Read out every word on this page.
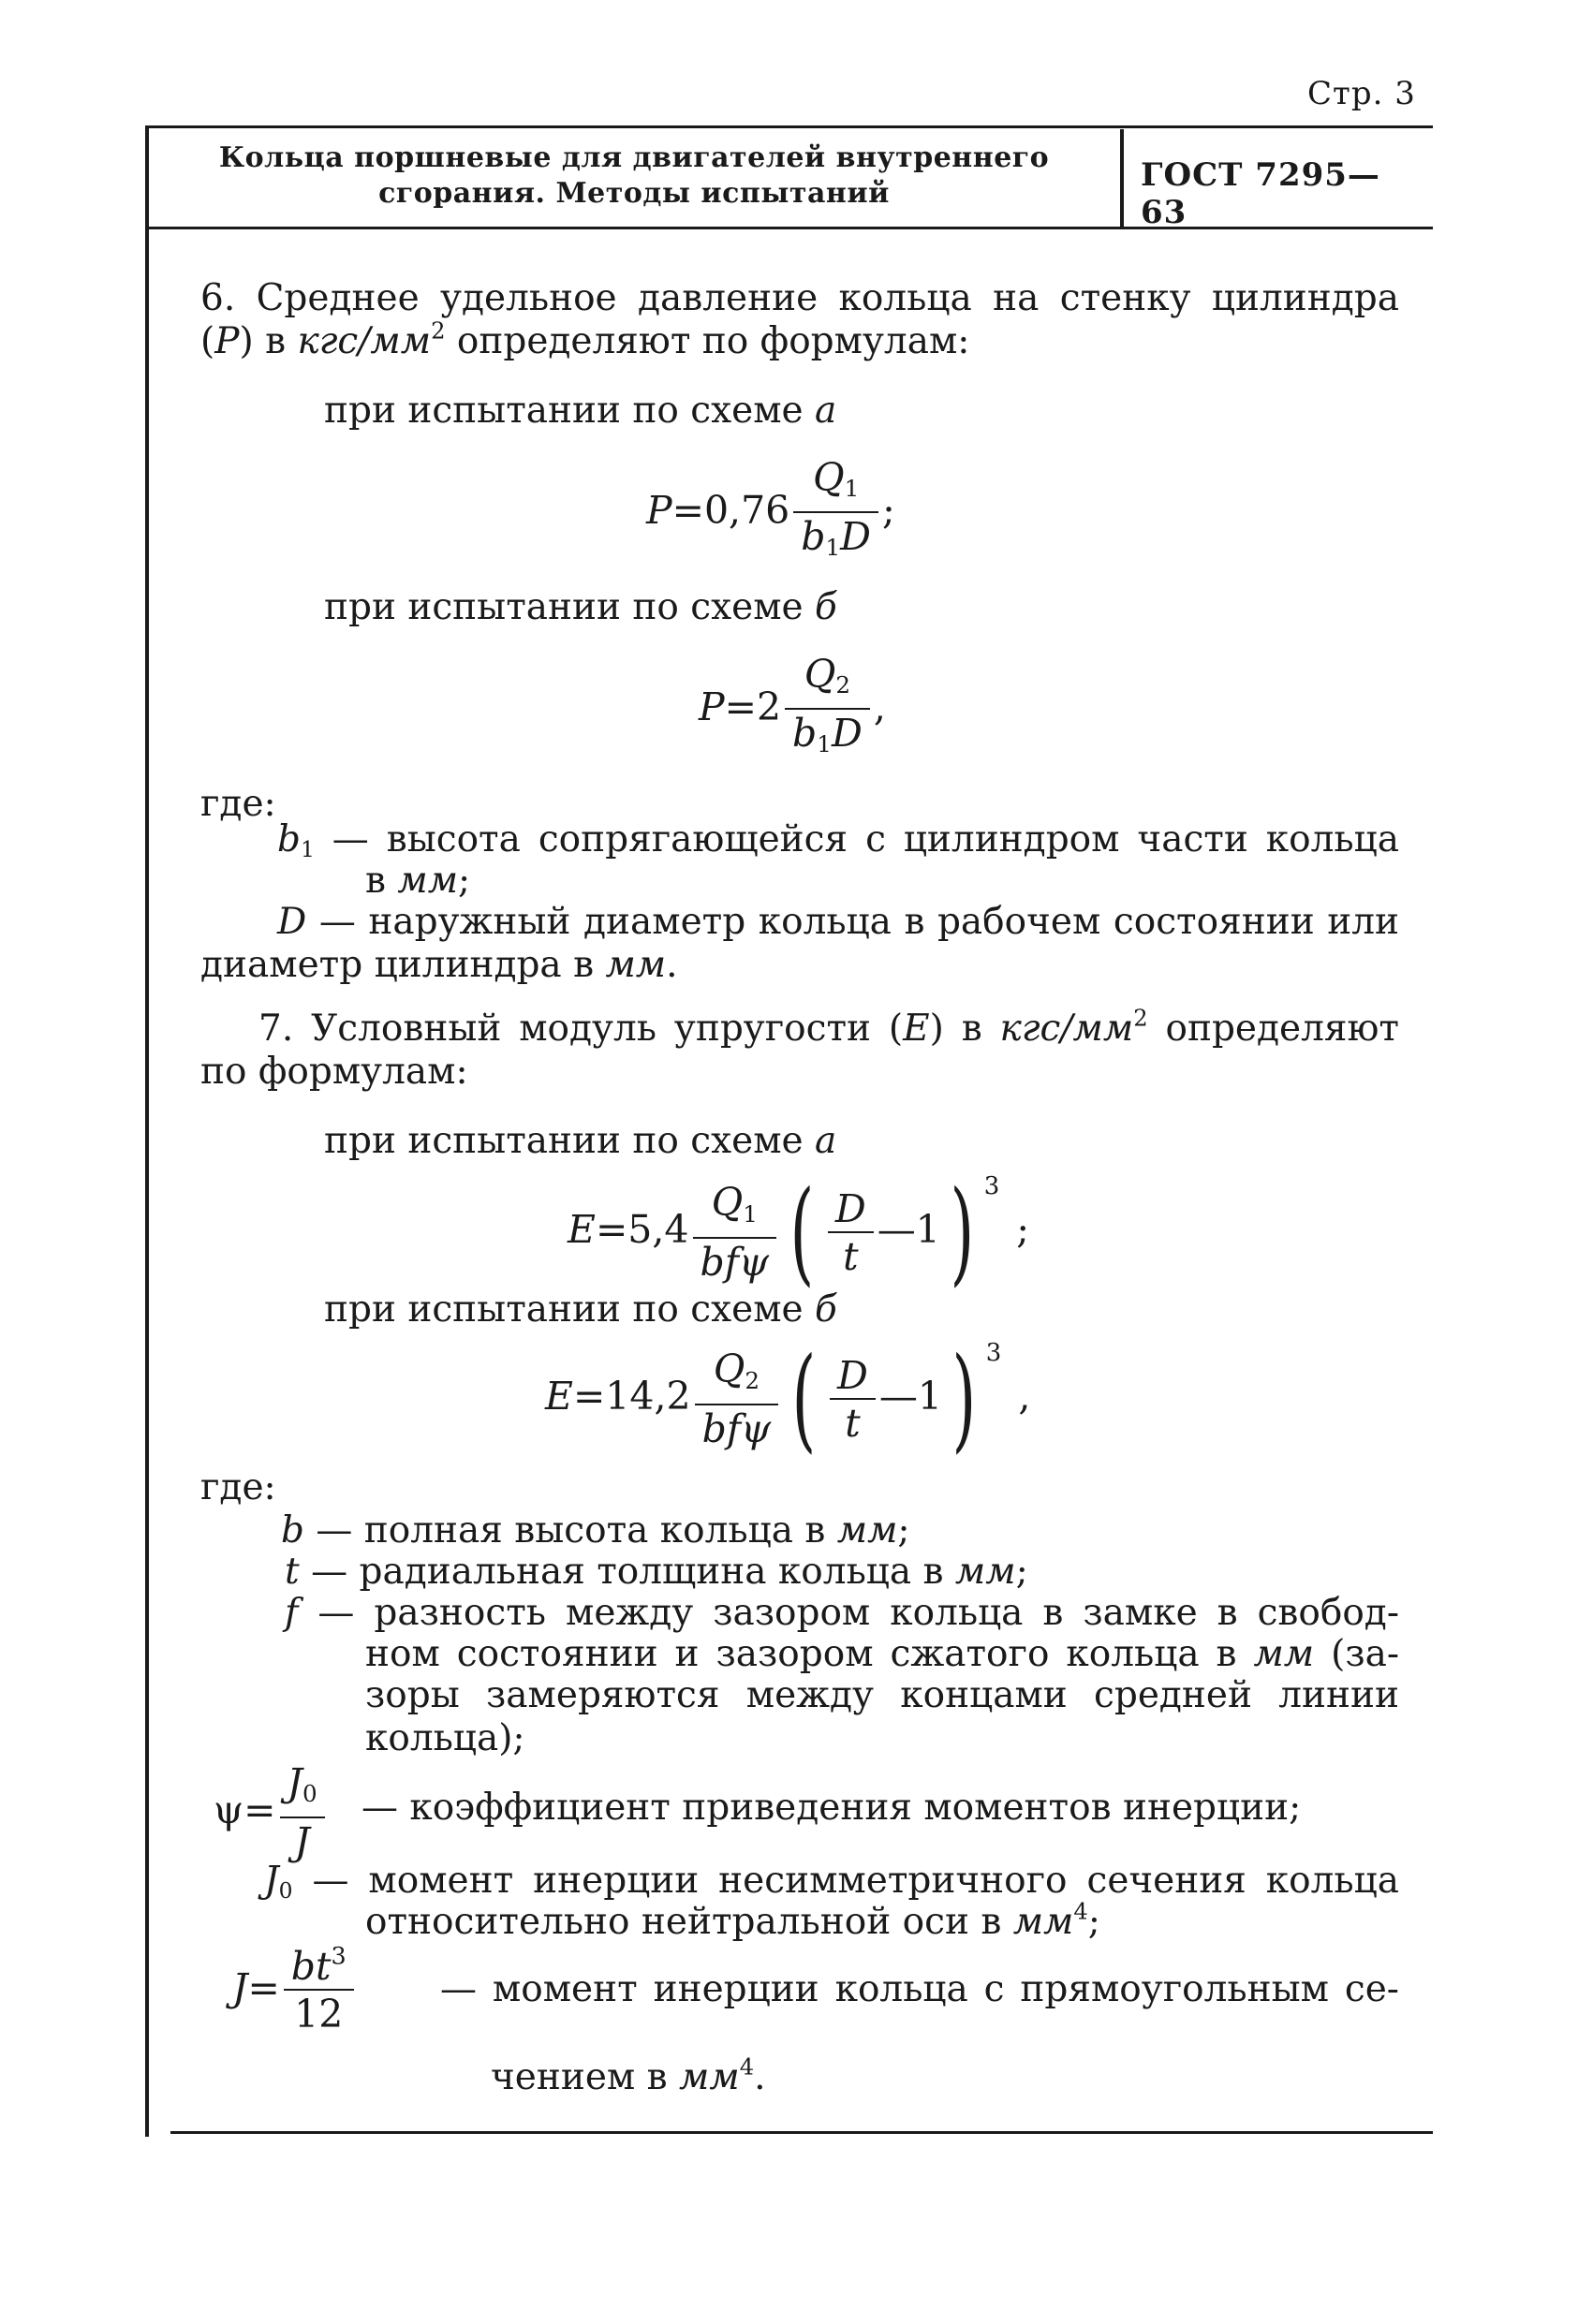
Стр. 3
Кольца поршневые для двигателей внутреннего
сгорания. Методы испытаний	ГОСТ 7295—63
6. Среднее удельное давление кольца на стенку цилиндра
(P) в кгс/$мм^2$ определяют по формулам:
при испытании по схеме а
$P=0,76 \frac{Q1}{b1D}$ ;
при испытании по схеме б
$P=2 \frac{Q2}{b1D}$ ,
где:
$b_1$ — высота сопрягающейся с цилиндром части кольца
в мм;
D — наружный диаметр кольца в рабочем состоянии или
диаметр цилиндра в мм.
7. Условный модуль упругости (E) в кгс/$мм^2$ определяют
по формулам:
при испытании по схеме а
$E=5,4 \frac{Q1}{\text{bfψ}}$ ( $\frac{D}{t}$ —1) 3;
при испытании по схеме б
$E=14,2 \frac{Q2}{\text{bfψ}}$ ( $\frac{D}{t}$ —1) 3,
где:
b — полная высота кольца в мм;
t — радиальная толщина кольца в мм;
f — разность между зазором кольца в замке в свобод-
ном состоянии и зазором сжатого кольца в мм (за-
зоры замеряются между концами средней линии
кольца);
$\psi= \frac{J0}{J}$ — коэффициент приведения моментов инерции;
$J_0$ — момент инерции несимметричного сечения кольца
относительно нейтральной оси в $мм^4$;
$J= \frac{bt^3}{12}$ — момент инерции кольца с прямоугольным се-
чением в $мм^4$.
